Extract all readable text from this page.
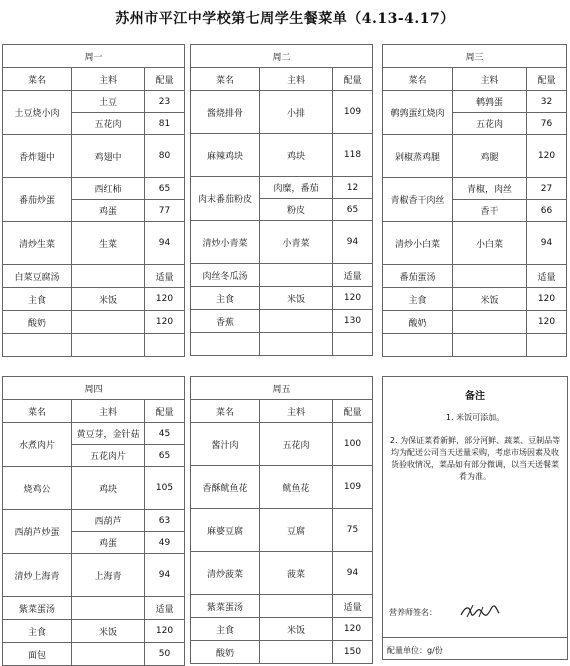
苏州市平江中学校第七周学生餐菜单（4.13-4.17）
周一		
菜名	主料	配量
土豆烧小肉	土豆	23
	五花肉	81
香炸翅中	鸡翅中	80
番茄炒蛋	西红柿	65
	鸡蛋	77
清炒生菜	生菜	94
白菜豆腐汤		适量
主食	米饭	120
酸奶		120

周二		
菜名	主料	配量
酱烧排骨	小排	109
麻辣鸡块	鸡块	118
肉末番茄粉皮	肉糜，番茄	12
	粉皮	65
清炒小青菜	小青菜	94
肉丝冬瓜汤		适量
主食	米饭	120
香蕉		130

周三		
菜名	主料	配量
鹌鹑蛋红烧肉	鹌鹑蛋	32
	五花肉	76
剁椒蒸鸡腿	鸡腿	120
青椒香干肉丝	青椒，肉丝	27
	香干	66
清炒小白菜	小白菜	94
番茄蛋汤		适量
主食	米饭	120
酸奶		120

周四		
菜名	主料	配量
水煮肉片	黄豆芽，金针菇	45
	五花肉片	65
烧鸡公	鸡块	105
西葫芦炒蛋	西葫芦	63
	鸡蛋	49
清炒上海青	上海青	94
紫菜蛋汤		适量
主食	米饭	120
面包		50
周五		
菜名	主料	配量
酱汁肉	五花肉	100
香酥鱿鱼花	鱿鱼花	109
麻婆豆腐	豆腐	75
清炒菠菜	菠菜	94
紫菜蛋汤		适量
主食	米饭	120
酸奶		150
备注
1. 米饭可添加。
2. 为保证菜肴新鲜，部分河鲜、蔬菜、豆制品等均为配送公司当天送量采购，考虑市场因素及收货验收情况，菜品如有部分微调，以当天送餐菜肴为准。
营养师签名：
配量单位：g/份
